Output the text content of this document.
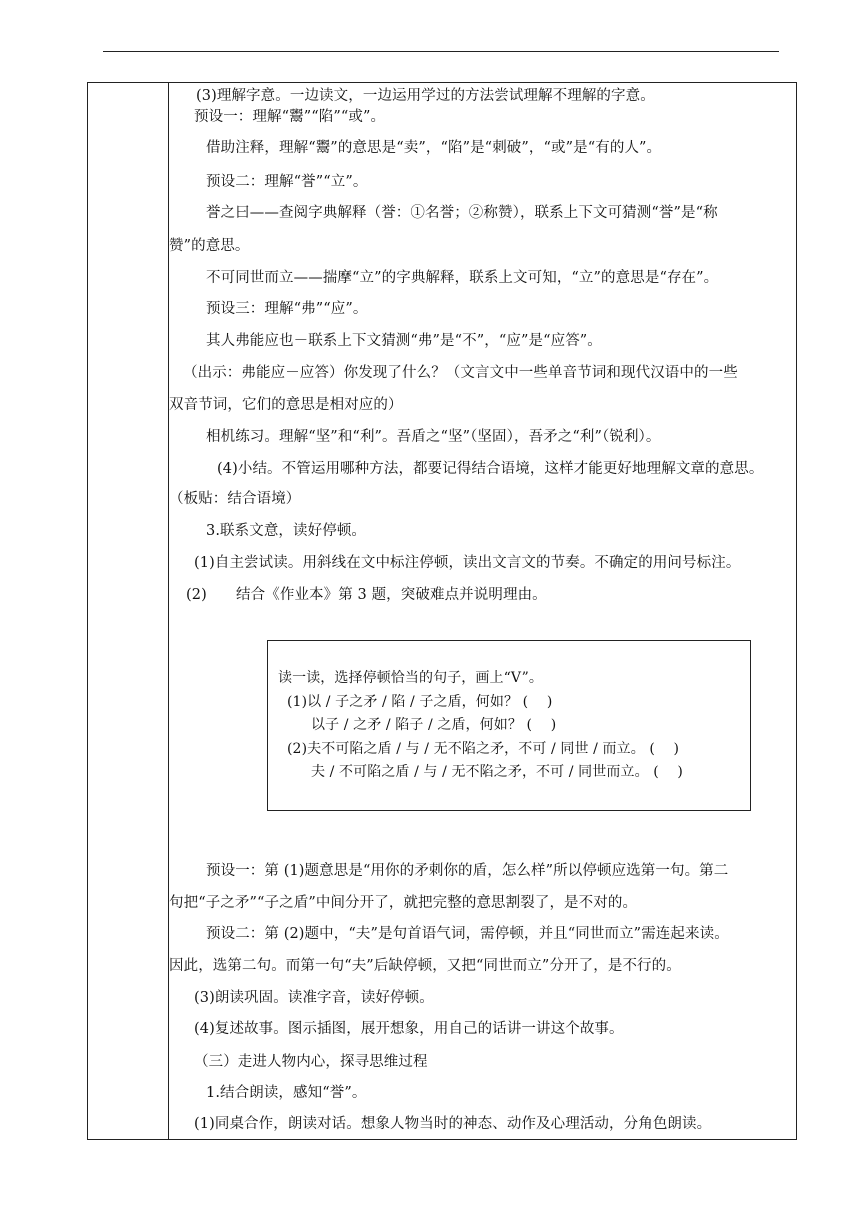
(3)理解字意。一边读文，一边运用学过的方法尝试理解不理解的字意。
预设一：理解“鬻”“陷”“或”。
借助注释，理解“鬻”的意思是“卖”，“陷”是“刺破”，“或”是“有的人”。
预设二：理解“誉”“立”。
誉之曰——查阅字典解释（誉：①名誉；②称赞），联系上下文可猜测“誉”是“称
赞”的意思。
不可同世而立——揣摩“立”的字典解释，联系上文可知，“立”的意思是“存在”。
预设三：理解“弗”“应”。
其人弗能应也－联系上下文猜测“弗”是“不”，“应”是“应答”。
（出示：弗能应－应答）你发现了什么？（文言文中一些单音节词和现代汉语中的一些
双音节词，它们的意思是相对应的）
相机练习。理解“坚”和“利”。吾盾之“坚”（坚固），吾矛之“利”（锐利）。
(4)小结。不管运用哪种方法，都要记得结合语境，这样才能更好地理解文章的意思。
（板贴：结合语境）
3.联系文意，读好停顿。
(1)自主尝试读。用斜线在文中标注停顿，读出文言文的节奏。不确定的用问号标注。
(2)　　结合《作业本》第 3 题，突破难点并说明理由。
读一读，选择停顿恰当的句子，画上“V”。
(1)以 / 子之矛 / 陷 / 子之盾，何如？ (　 )
以子 / 之矛 / 陷子 / 之盾，何如？ (　 )
(2)夫不可陷之盾 / 与 / 无不陷之矛，不可 / 同世 / 而立。 (　 )
夫 / 不可陷之盾 / 与 / 无不陷之矛，不可 / 同世而立。 (　 )
预设一：第 (1)题意思是“用你的矛刺你的盾，怎么样”所以停顿应选第一句。第二
句把“子之矛”“子之盾”中间分开了，就把完整的意思割裂了，是不对的。
预设二：第 (2)题中，“夫”是句首语气词，需停顿，并且“同世而立”需连起来读。
因此，选第二句。而第一句“夫”后缺停顿，又把“同世而立”分开了，是不行的。
(3)朗读巩固。读准字音，读好停顿。
(4)复述故事。图示插图，展开想象，用自己的话讲一讲这个故事。
（三）走进人物内心，探寻思维过程
1.结合朗读，感知“誉”。
(1)同桌合作，朗读对话。想象人物当时的神态、动作及心理活动，分角色朗读。
